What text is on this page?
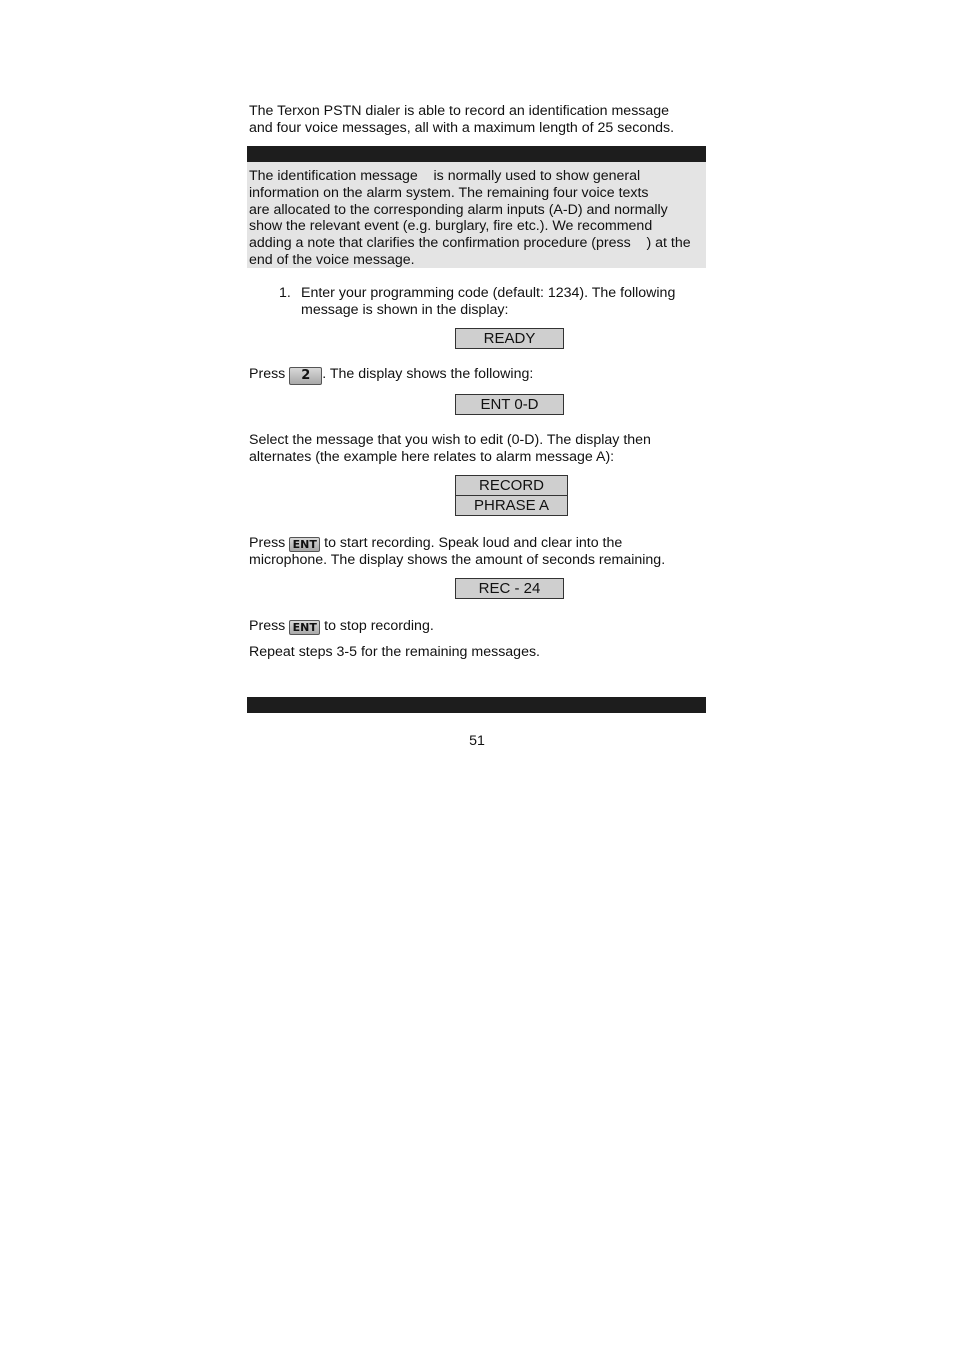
The Terxon PSTN dialer is able to record an identification message
and four voice messages, all with a maximum length of 25 seconds.

The identification message    is normally used to show general
information on the alarm system. The remaining four voice texts
are allocated to the corresponding alarm inputs (A-D) and normally
show the relevant event (e.g. burglary, fire etc.). We recommend
adding a note that clarifies the confirmation procedure (press    ) at the
end of the voice message.

1. Enter your programming code (default: 1234). The following
message is shown in the display:

READY

Press 2 . The display shows the following:

ENT 0-D

Select the message that you wish to edit (0-D). The display then
alternates (the example here relates to alarm message A):

RECORD
PHRASE A

Press ENT to start recording. Speak loud and clear into the
microphone. The display shows the amount of seconds remaining.

REC - 24

Press ENT to stop recording.

Repeat steps 3-5 for the remaining messages.

51
